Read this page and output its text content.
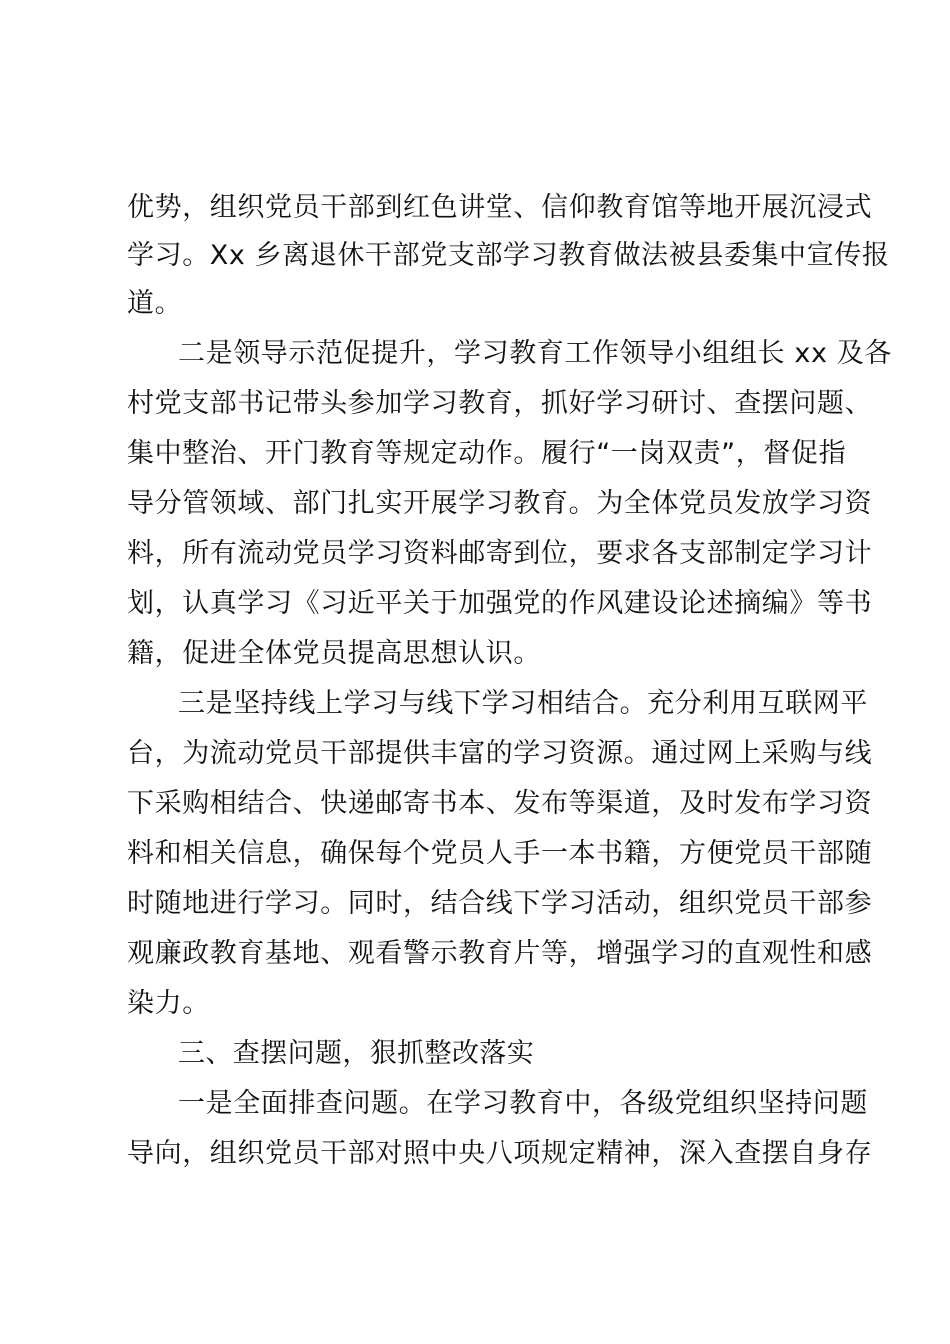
优势，组织党员干部到红色讲堂、信仰教育馆等地开展沉浸式
学习。Xx 乡离退休干部党支部学习教育做法被县委集中宣传报
道。
二是领导示范促提升，学习教育工作领导小组组长 xx 及各
村党支部书记带头参加学习教育，抓好学习研讨、查摆问题、
集中整治、开门教育等规定动作。履行“一岗双责”，督促指
导分管领域、部门扎实开展学习教育。为全体党员发放学习资
料，所有流动党员学习资料邮寄到位，要求各支部制定学习计
划，认真学习《习近平关于加强党的作风建设论述摘编》等书
籍，促进全体党员提高思想认识。
三是坚持线上学习与线下学习相结合。充分利用互联网平
台，为流动党员干部提供丰富的学习资源。通过网上采购与线
下采购相结合、快递邮寄书本、发布等渠道，及时发布学习资
料和相关信息，确保每个党员人手一本书籍，方便党员干部随
时随地进行学习。同时，结合线下学习活动，组织党员干部参
观廉政教育基地、观看警示教育片等，增强学习的直观性和感
染力。
三、查摆问题，狠抓整改落实
一是全面排查问题。在学习教育中，各级党组织坚持问题
导向，组织党员干部对照中央八项规定精神，深入查摆自身存
